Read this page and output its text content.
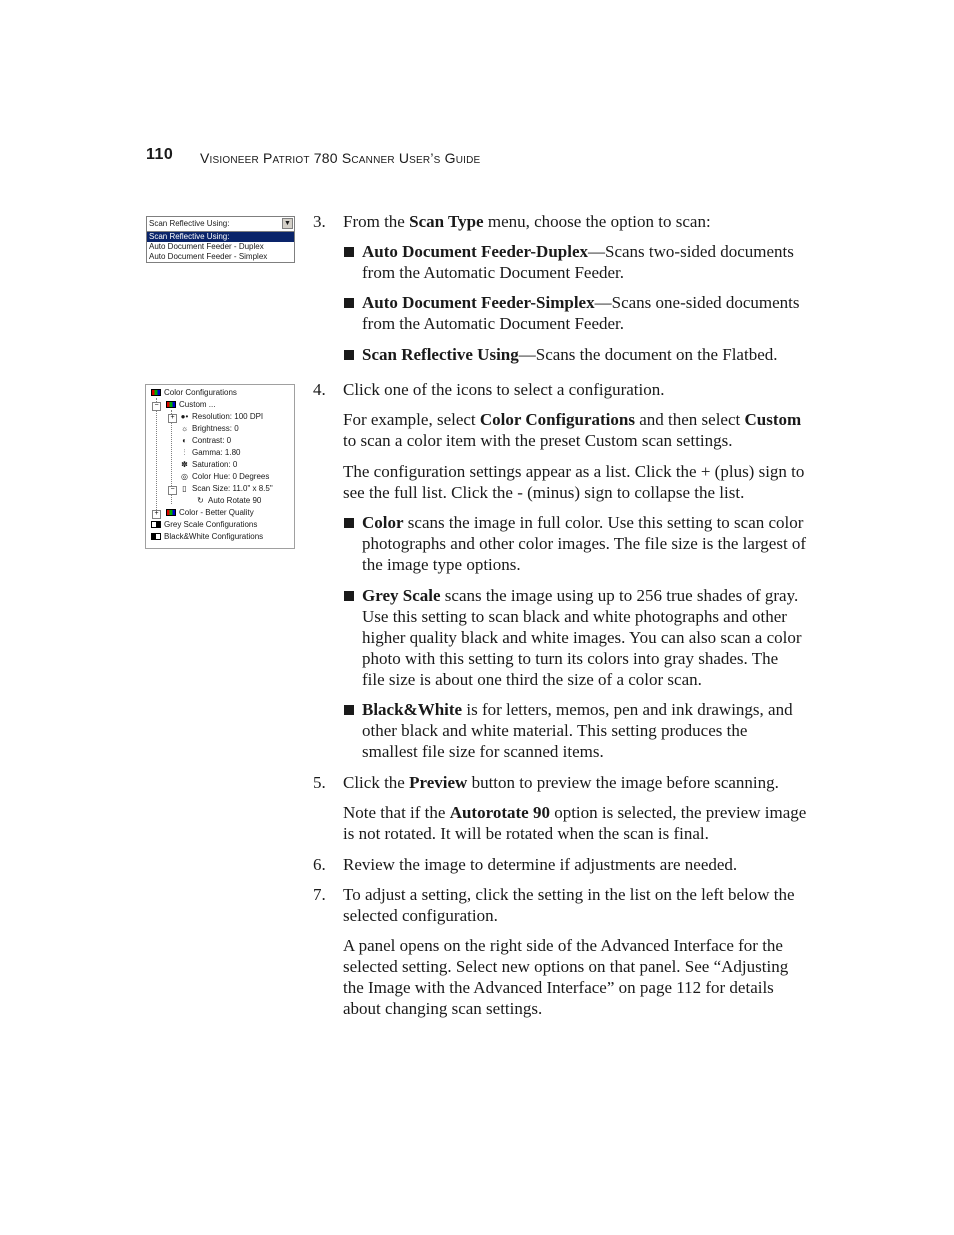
110 Visioneer Patriot 780 Scanner User’s Guide
Scan Reflective Using:	▼
Scan Reflective Using:
Auto Document Feeder - Duplex
Auto Document Feeder - Simplex
Color Configurations
−	Custom ...
+ ●• Resolution: 100 DPI
☼ Brightness: 0
◐ Contrast: 0
⫶ Gamma: 1.80
✽ Saturation: 0
◎ Color Hue: 0 Degrees
− ▯ Scan Size: 11.0" x 8.5"
↻ Auto Rotate 90
+	Color - Better Quality
Grey Scale Configurations
Black&White Configurations
3. From the Scan Type menu, choose the option to scan:
Auto Document Feeder-Duplex—Scans two-sided documents
from the Automatic Document Feeder.
Auto Document Feeder-Simplex—Scans one-sided documents
from the Automatic Document Feeder.
Scan Reflective Using—Scans the document on the Flatbed.
4. Click one of the icons to select a configuration.
For example, select Color Configurations and then select Custom
to scan a color item with the preset Custom scan settings.
The configuration settings appear as a list. Click the + (plus) sign to
see the full list. Click the - (minus) sign to collapse the list.
Color scans the image in full color. Use this setting to scan color
photographs and other color images. The file size is the largest of
the image type options.
Grey Scale scans the image using up to 256 true shades of gray.
Use this setting to scan black and white photographs and other
higher quality black and white images. You can also scan a color
photo with this setting to turn its colors into gray shades. The
file size is about one third the size of a color scan.
Black&White is for letters, memos, pen and ink drawings, and
other black and white material. This setting produces the
smallest file size for scanned items.
5. Click the Preview button to preview the image before scanning.
Note that if the Autorotate 90 option is selected, the preview image
is not rotated. It will be rotated when the scan is final.
6. Review the image to determine if adjustments are needed.
7. To adjust a setting, click the setting in the list on the left below the
selected configuration.
A panel opens on the right side of the Advanced Interface for the
selected setting. Select new options on that panel. See “Adjusting
the Image with the Advanced Interface” on page 112 for details
about changing scan settings.
